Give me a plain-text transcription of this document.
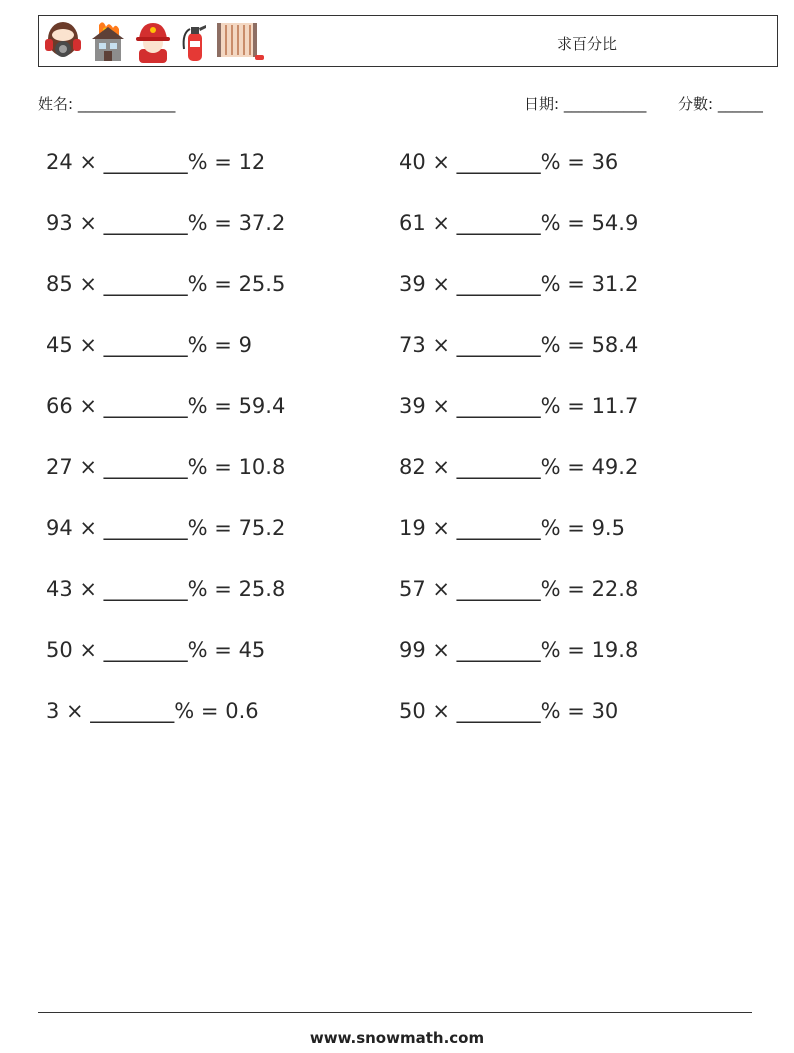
求百分比
姓名: _____________	日期: ___________ 分數: ______
24 × ________% = 12
93 × ________% = 37.2
85 × ________% = 25.5
45 × ________% = 9
66 × ________% = 59.4
27 × ________% = 10.8
94 × ________% = 75.2
43 × ________% = 25.8
50 × ________% = 45
3 × ________% = 0.6
40 × ________% = 36
61 × ________% = 54.9
39 × ________% = 31.2
73 × ________% = 58.4
39 × ________% = 11.7
82 × ________% = 49.2
19 × ________% = 9.5
57 × ________% = 22.8
99 × ________% = 19.8
50 × ________% = 30
www.snowmath.com
